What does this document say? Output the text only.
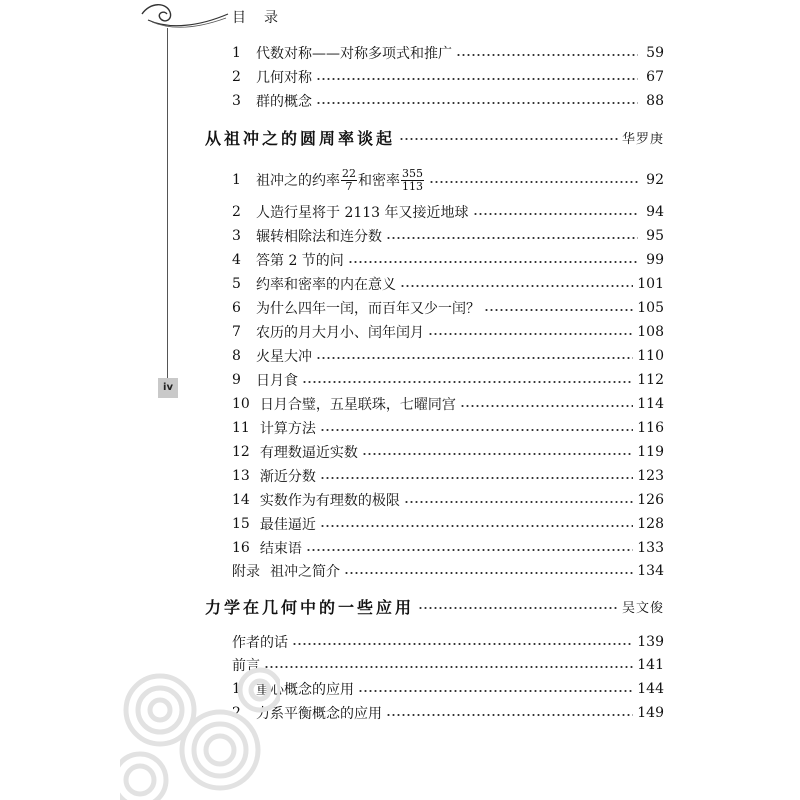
目　录
iv
1	代数对称——对称多项式和推广	59
2	几何对称	67
3	群的概念	88
从祖冲之的圆周率谈起	华罗庚
1	祖冲之的约率 $\frac{22}{7}$ 和密率 $\frac{355}{113}$	92
2	人造行星将于 2113 年又接近地球	94
3	辗转相除法和连分数	95
4	答第 2 节的问	99
5	约率和密率的内在意义	101
6	为什么四年一闰，而百年又少一闰？	105
7	农历的月大月小、闰年闰月	108
8	火星大冲	110
9	日月食	112
10 日月合璧，五星联珠，七曜同宫	114
11 计算方法	116
12 有理数逼近实数	119
13 渐近分数	123
14 实数作为有理数的极限	126
15 最佳逼近	128
16 结束语	133
附录 祖冲之简介	134
力学在几何中的一些应用	吴文俊
作者的话	139
前言	141
1	重心概念的应用	144
2	力系平衡概念的应用	149
